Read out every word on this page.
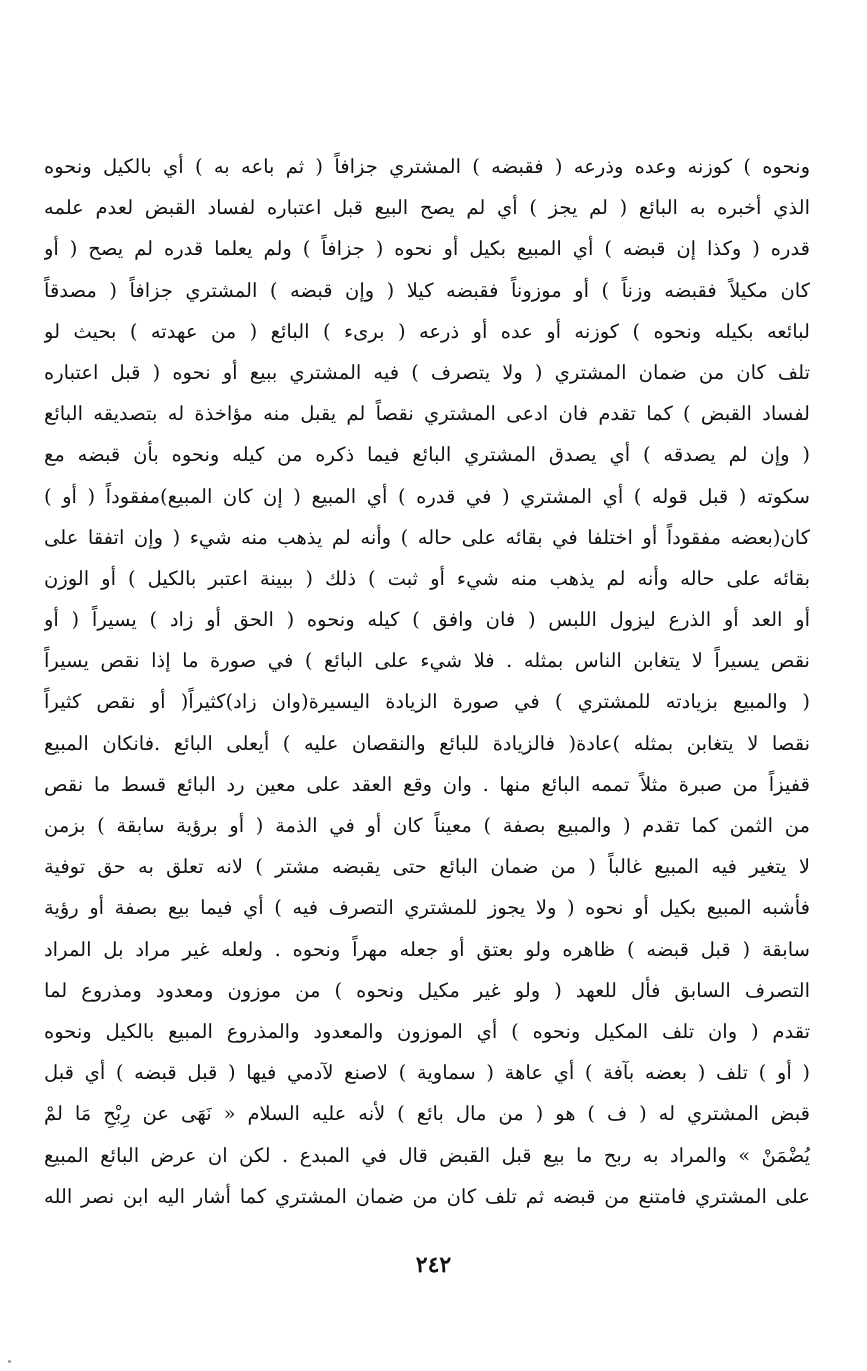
ونحوه ) كوزنه وعده وذرعه ( فقبضه ) المشتري جزافاً ( ثم باعه به ) أي بالكيل ونحوه
الذي أخبره به البائع ( لم يجز ) أي لم يصح البيع قبل اعتباره لفساد القبض لعدم علمه
قدره ( وكذا إن قبضه ) أي المبيع بكيل أو نحوه ( جزافاً ) ولم يعلما قدره لم يصح ( أو
كان مكيلاً فقبضه وزناً ) أو موزوناً فقبضه كيلا ( وإن قبضه ) المشتري جزافاً ( مصدقاً
لبائعه بكيله ونحوه ) كوزنه أو عده أو ذرعه ( برىء ) البائع ( من عهدته ) بحيث لو
تلف كان من ضمان المشتري ( ولا يتصرف ) فيه المشتري ببيع أو نحوه ( قبل اعتباره
لفساد القبض ) كما تقدم فان ادعى المشتري نقصاً لم يقبل منه مؤاخذة له بتصديقه البائع
( وإن لم يصدقه ) أي يصدق المشتري البائع فيما ذكره من كيله ونحوه بأن قبضه مع
سكوته ( قبل قوله ) أي المشتري ( في قدره ) أي المبيع ( إن كان المبيع)مفقوداً ( أو )
كان(بعضه مفقوداً أو اختلفا في بقائه على حاله ) وأنه لم يذهب منه شيء ( وإن اتفقا على
بقائه على حاله وأنه لم يذهب منه شيء أو ثبت ) ذلك ( ببينة اعتبر بالكيل ) أو الوزن
أو العد أو الذرع ليزول اللبس ( فان وافق ) كيله ونحوه ( الحق أو زاد ) يسيراً ( أو
نقص يسيراً لا يتغابن الناس بمثله . فلا شيء على البائع ) في صورة ما إذا نقص يسيراً
( والمبيع بزيادته للمشتري ) في صورة الزيادة اليسيرة(وان زاد)كثيراً( أو نقص كثيراً
نقصا لا يتغابن بمثله )عادة( فالزيادة للبائع والنقصان عليه ) أيعلى البائع .فانكان المبيع
قفيزاً من صبرة مثلاً تممه البائع منها . وان وقع العقد على معين رد البائع قسط ما نقص
من الثمن كما تقدم ( والمبيع بصفة ) معيناً كان أو في الذمة ( أو برؤية سابقة ) بزمن
لا يتغير فيه المبيع غالباً ( من ضمان البائع حتى يقبضه مشتر ) لانه تعلق به حق توفية
فأشبه المبيع بكيل أو نحوه ( ولا يجوز للمشتري التصرف فيه ) أي فيما بيع بصفة أو رؤية
سابقة ( قبل قبضه ) ظاهره ولو بعتق أو جعله مهراً ونحوه . ولعله غير مراد بل المراد
التصرف السابق فأل للعهد ( ولو غير مكيل ونحوه ) من موزون ومعدود ومذروع لما
تقدم ( وان تلف المكيل ونحوه ) أي الموزون والمعدود والمذروع المبيع بالكيل ونحوه
( أو ) تلف ( بعضه بآفة ) أي عاهة ( سماوية ) لاصنع لآدمي فيها ( قبل قبضه ) أي قبل
قبض المشتري له ( ف ) هو ( من مال بائع ) لأنه عليه السلام « نَهَى عن رِبْحِ مَا لمْ
يُضْمَنْ » والمراد به ربح ما بيع قبل القبض قال في المبدع . لكن ان عرض البائع المبيع
على المشتري فامتنع من قبضه ثم تلف كان من ضمان المشتري كما أشار اليه ابن نصر الله
٢٤٢
